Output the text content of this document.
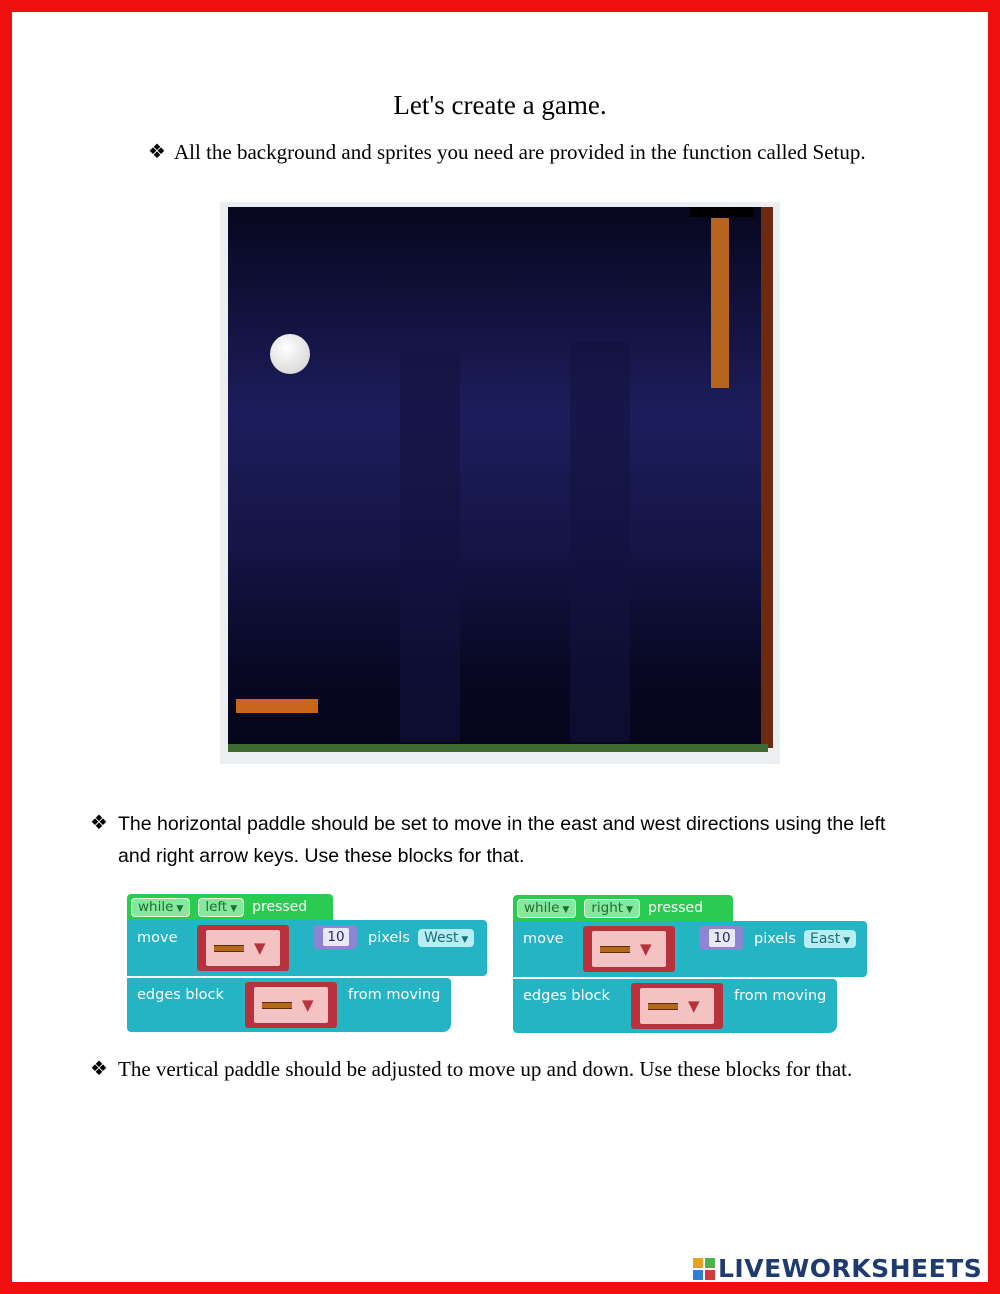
Let's create a game.
❖ All the background and sprites you need are provided in the function called Setup.
❖ The horizontal paddle should be set to move in the east and west directions using the left and right arrow keys. Use these blocks for that.
while ▼	left ▼	pressed
move
▼
10	pixels	West ▼
edges block
▼
from moving
while ▼	right ▼	pressed
move
▼
10	pixels	East ▼
edges block
▼
from moving
❖ The vertical paddle should be adjusted to move up and down. Use these blocks for that.
LIVEWORKSHEETS
